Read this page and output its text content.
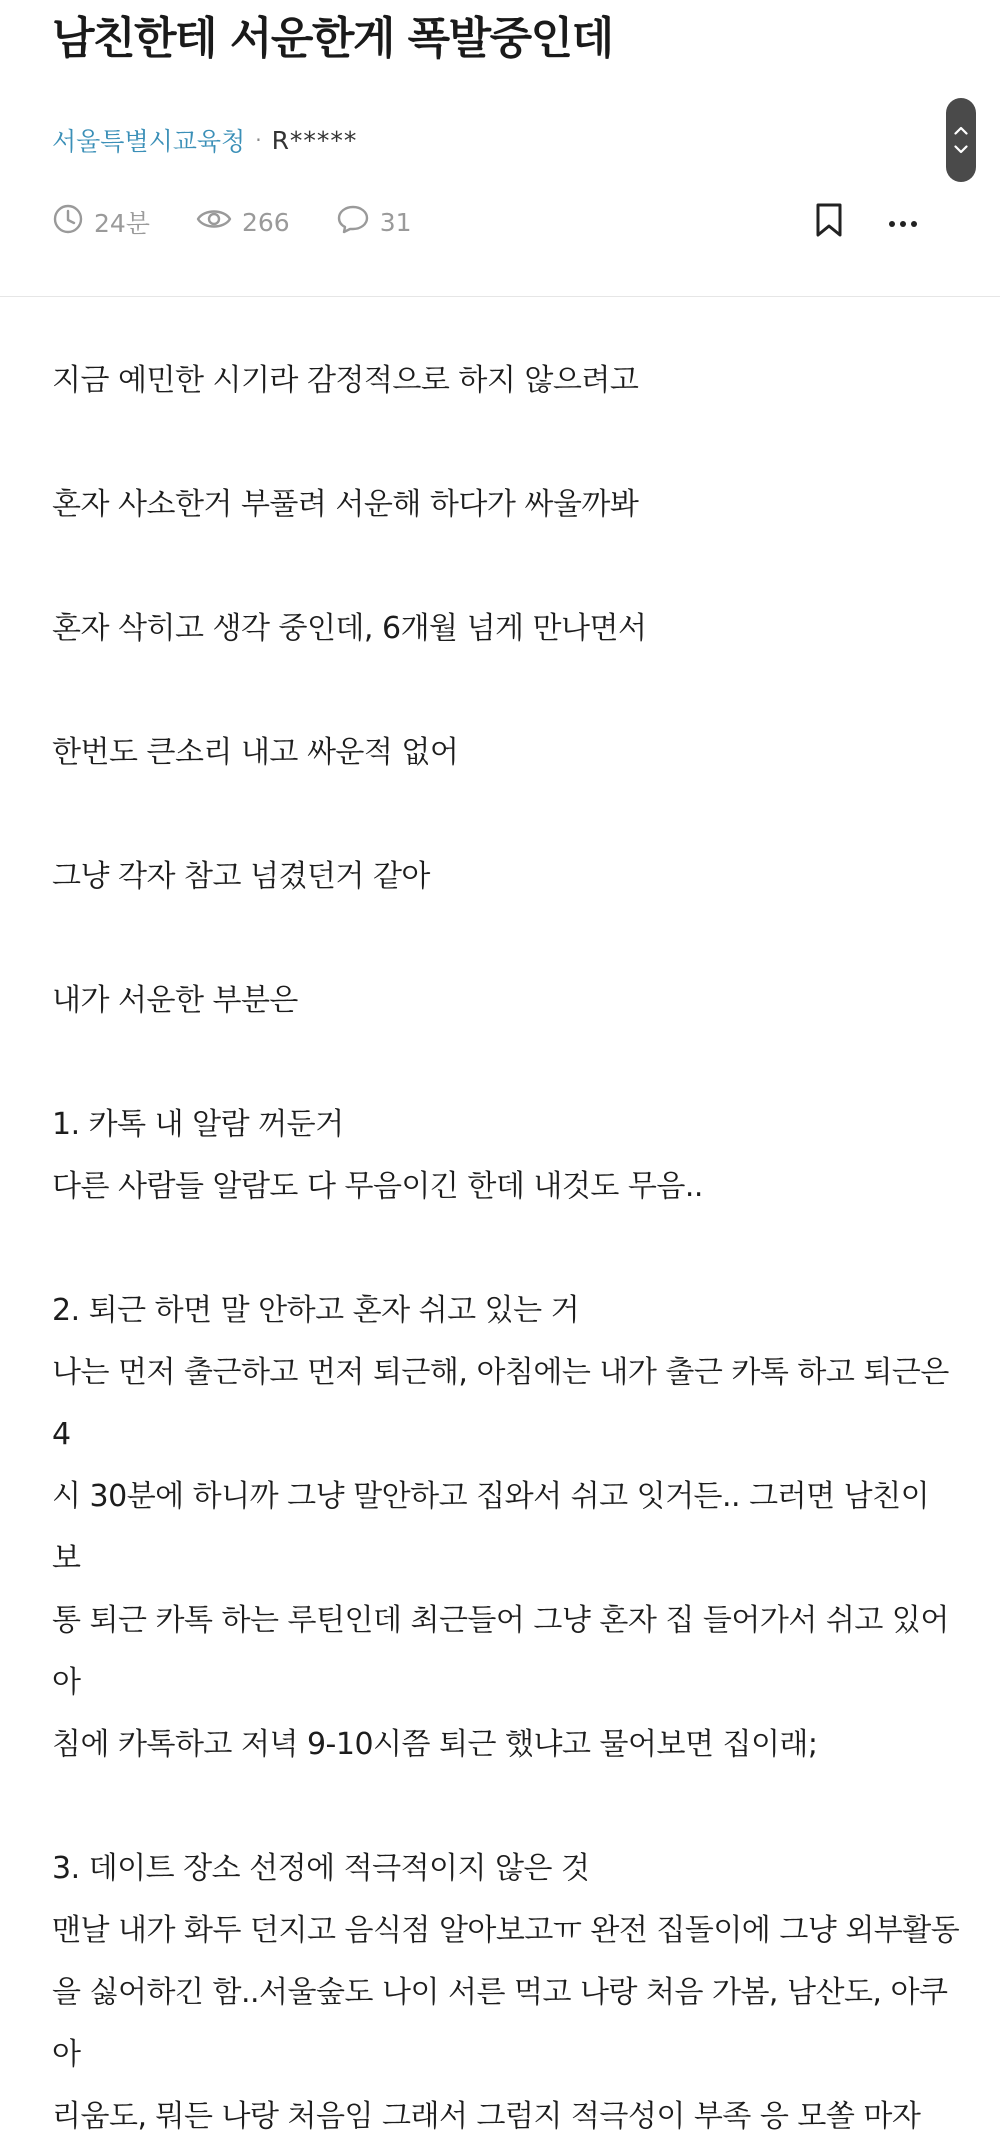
남친한테 서운한게 폭발중인데
서울특별시교육청 · R*****
24분	266	31

지금 예민한 시기라 감정적으로 하지 않으려고

혼자 사소한거 부풀려 서운해 하다가 싸울까봐

혼자 삭히고 생각 중인데, 6개월 넘게 만나면서

한번도 큰소리 내고 싸운적 없어

그냥 각자 참고 넘겼던거 같아

내가 서운한 부분은

1. 카톡 내 알람 꺼둔거

다른 사람들 알람도 다 무음이긴 한데 내것도 무음..

2. 퇴근 하면 말 안하고 혼자 쉬고 있는 거

나는 먼저 출근하고 먼저 퇴근해, 아침에는 내가 출근 카톡 하고 퇴근은 4

시 30분에 하니까 그냥 말안하고 집와서 쉬고 잇거든.. 그러면 남친이 보

통 퇴근 카톡 하는 루틴인데 최근들어 그냥 혼자 집 들어가서 쉬고 있어 아

침에 카톡하고 저녁 9-10시쯤 퇴근 했냐고 물어보면 집이래;

3. 데이트 장소 선정에 적극적이지 않은 것

맨날 내가 화두 던지고 음식점 알아보고ㅠ 완전 집돌이에 그냥 외부활동

을 싫어하긴 함..서울숲도 나이 서른 먹고 나랑 처음 가봄, 남산도, 아쿠아

리움도, 뭐든 나랑 처음임 그래서 그럼지 적극성이 부족 응 모쏠 마자
